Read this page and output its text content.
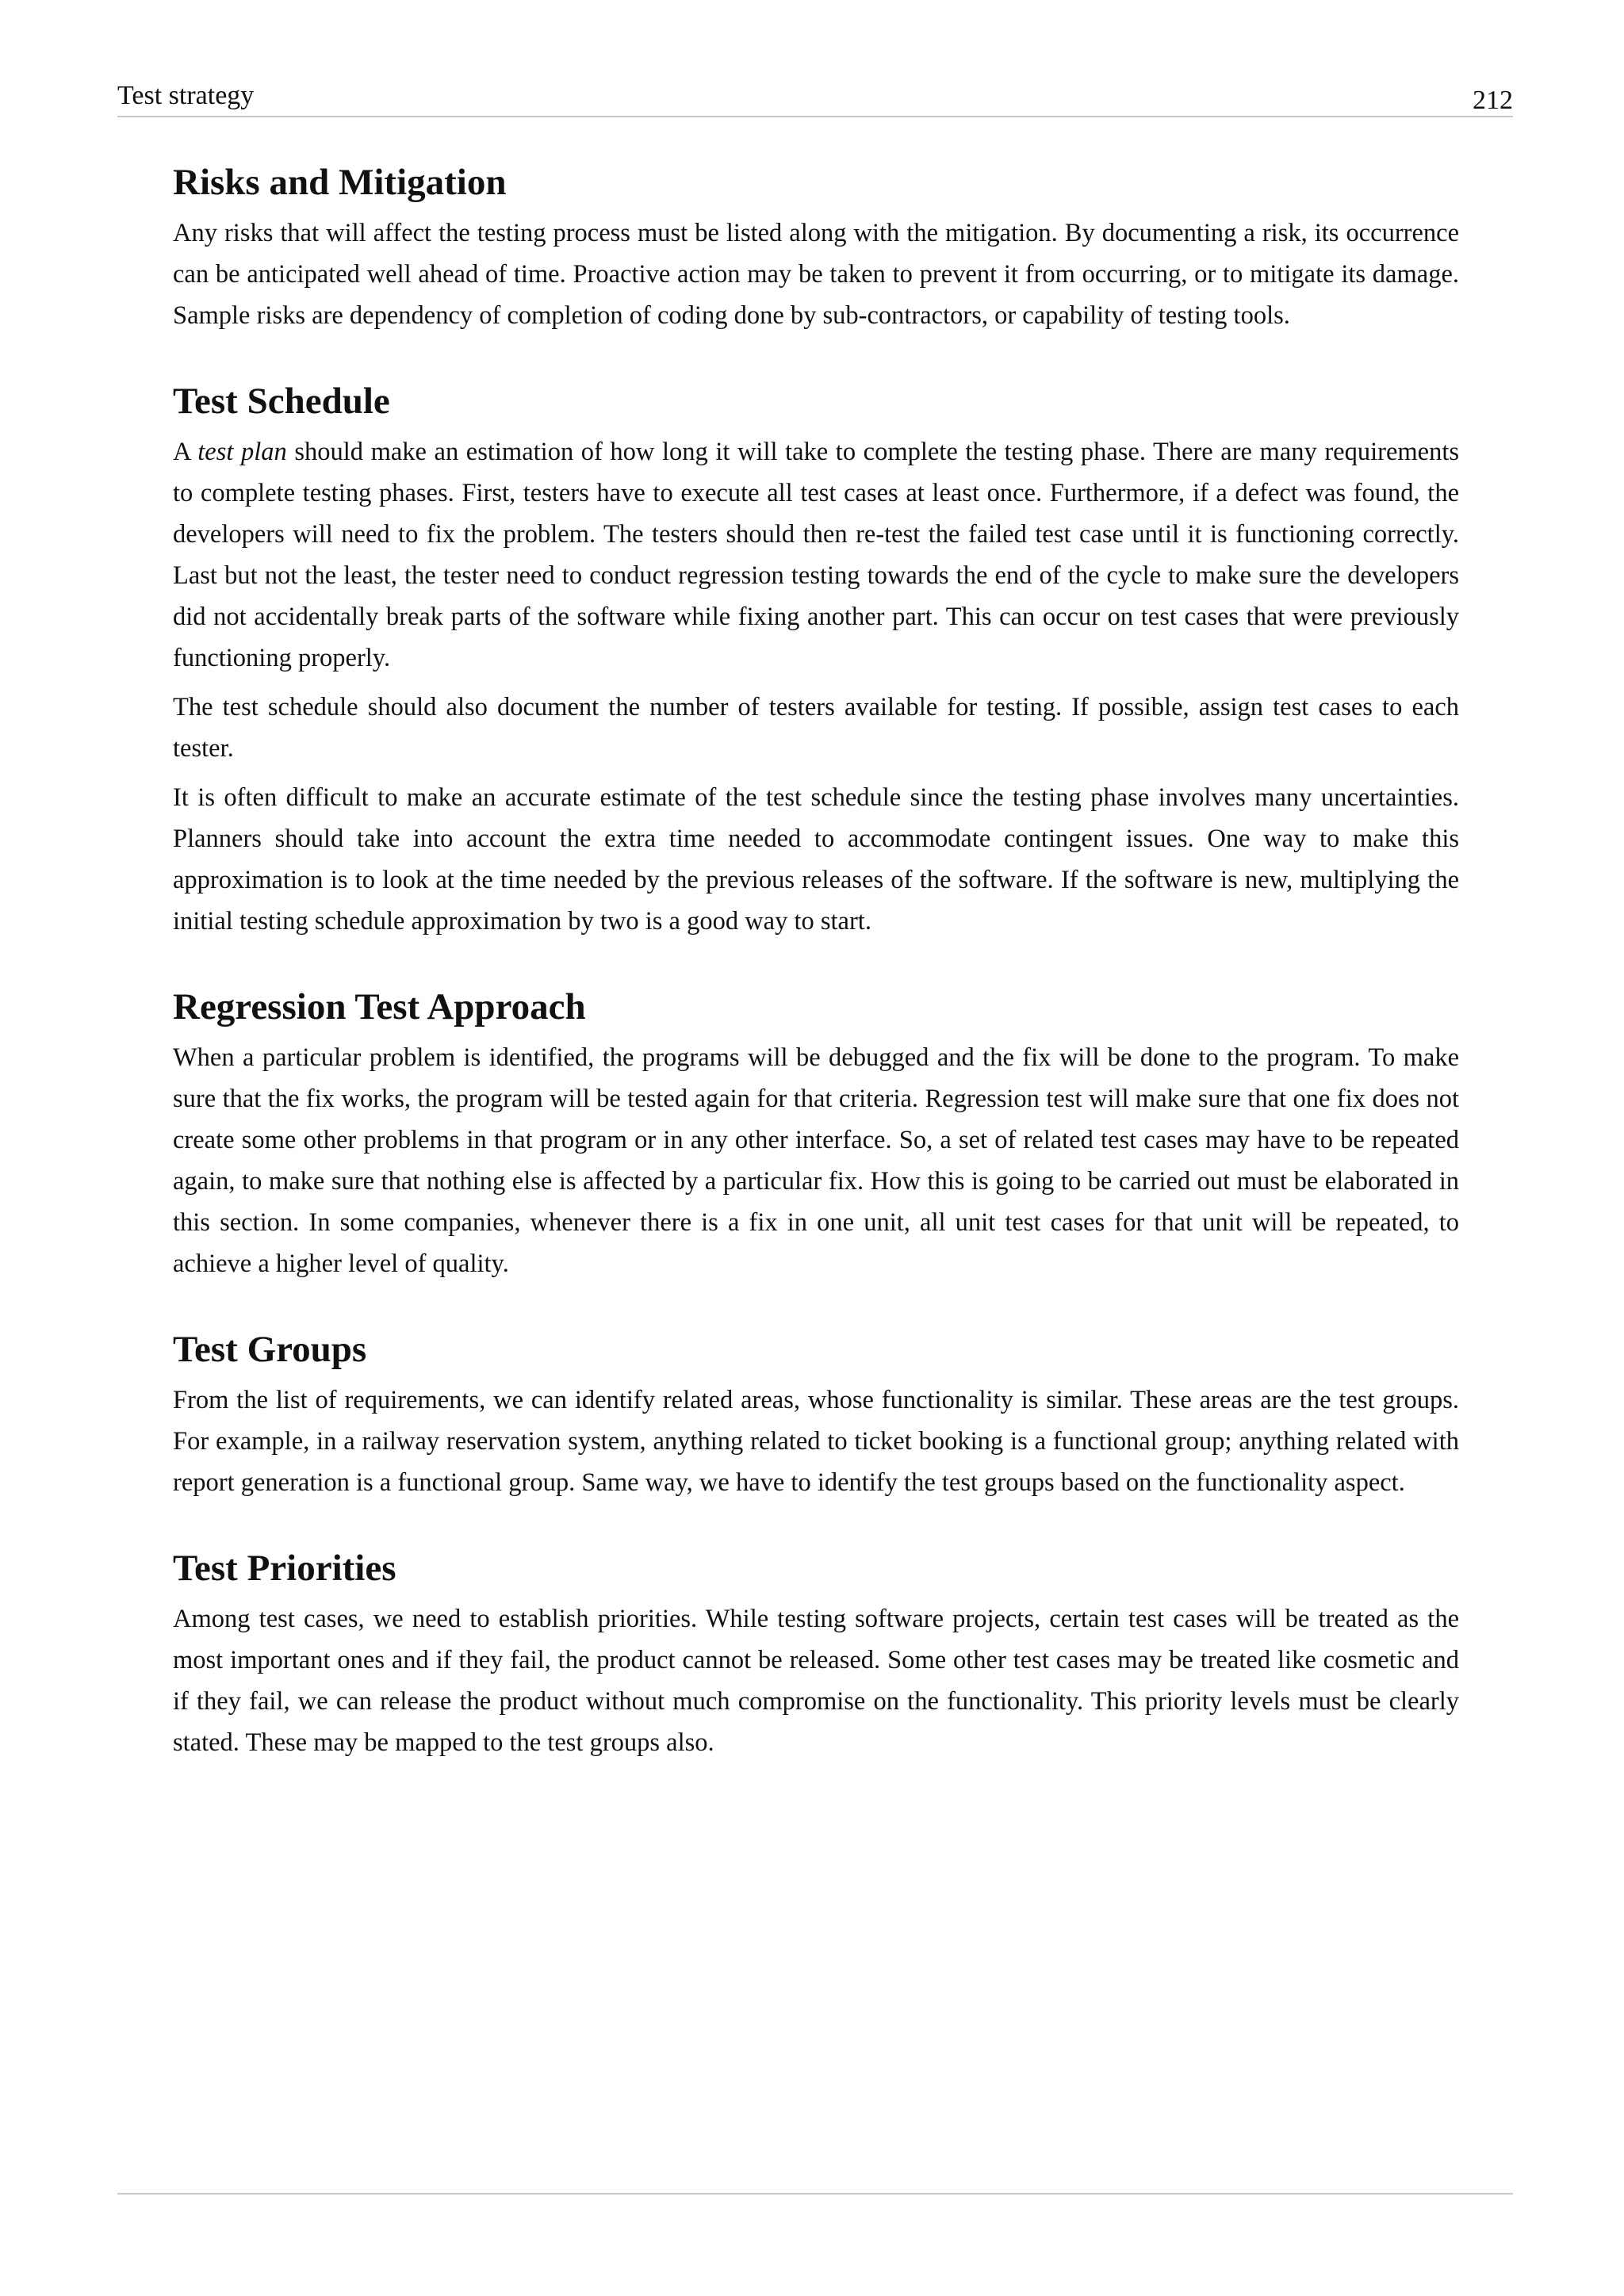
Test strategy	212
Risks and Mitigation

Any risks that will affect the testing process must be listed along with the mitigation. By documenting a risk, its occurrence can be anticipated well ahead of time. Proactive action may be taken to prevent it from occurring, or to mitigate its damage. Sample risks are dependency of completion of coding done by sub-contractors, or capability of testing tools.

Test Schedule

A test plan should make an estimation of how long it will take to complete the testing phase. There are many requirements to complete testing phases. First, testers have to execute all test cases at least once. Furthermore, if a defect was found, the developers will need to fix the problem. The testers should then re-test the failed test case until it is functioning correctly. Last but not the least, the tester need to conduct regression testing towards the end of the cycle to make sure the developers did not accidentally break parts of the software while fixing another part. This can occur on test cases that were previously functioning properly.

The test schedule should also document the number of testers available for testing. If possible, assign test cases to each tester.

It is often difficult to make an accurate estimate of the test schedule since the testing phase involves many uncertainties. Planners should take into account the extra time needed to accommodate contingent issues. One way to make this approximation is to look at the time needed by the previous releases of the software. If the software is new, multiplying the initial testing schedule approximation by two is a good way to start.

Regression Test Approach

When a particular problem is identified, the programs will be debugged and the fix will be done to the program. To make sure that the fix works, the program will be tested again for that criteria. Regression test will make sure that one fix does not create some other problems in that program or in any other interface. So, a set of related test cases may have to be repeated again, to make sure that nothing else is affected by a particular fix. How this is going to be carried out must be elaborated in this section. In some companies, whenever there is a fix in one unit, all unit test cases for that unit will be repeated, to achieve a higher level of quality.

Test Groups

From the list of requirements, we can identify related areas, whose functionality is similar. These areas are the test groups. For example, in a railway reservation system, anything related to ticket booking is a functional group; anything related with report generation is a functional group. Same way, we have to identify the test groups based on the functionality aspect.

Test Priorities

Among test cases, we need to establish priorities. While testing software projects, certain test cases will be treated as the most important ones and if they fail, the product cannot be released. Some other test cases may be treated like cosmetic and if they fail, we can release the product without much compromise on the functionality. This priority levels must be clearly stated. These may be mapped to the test groups also.
